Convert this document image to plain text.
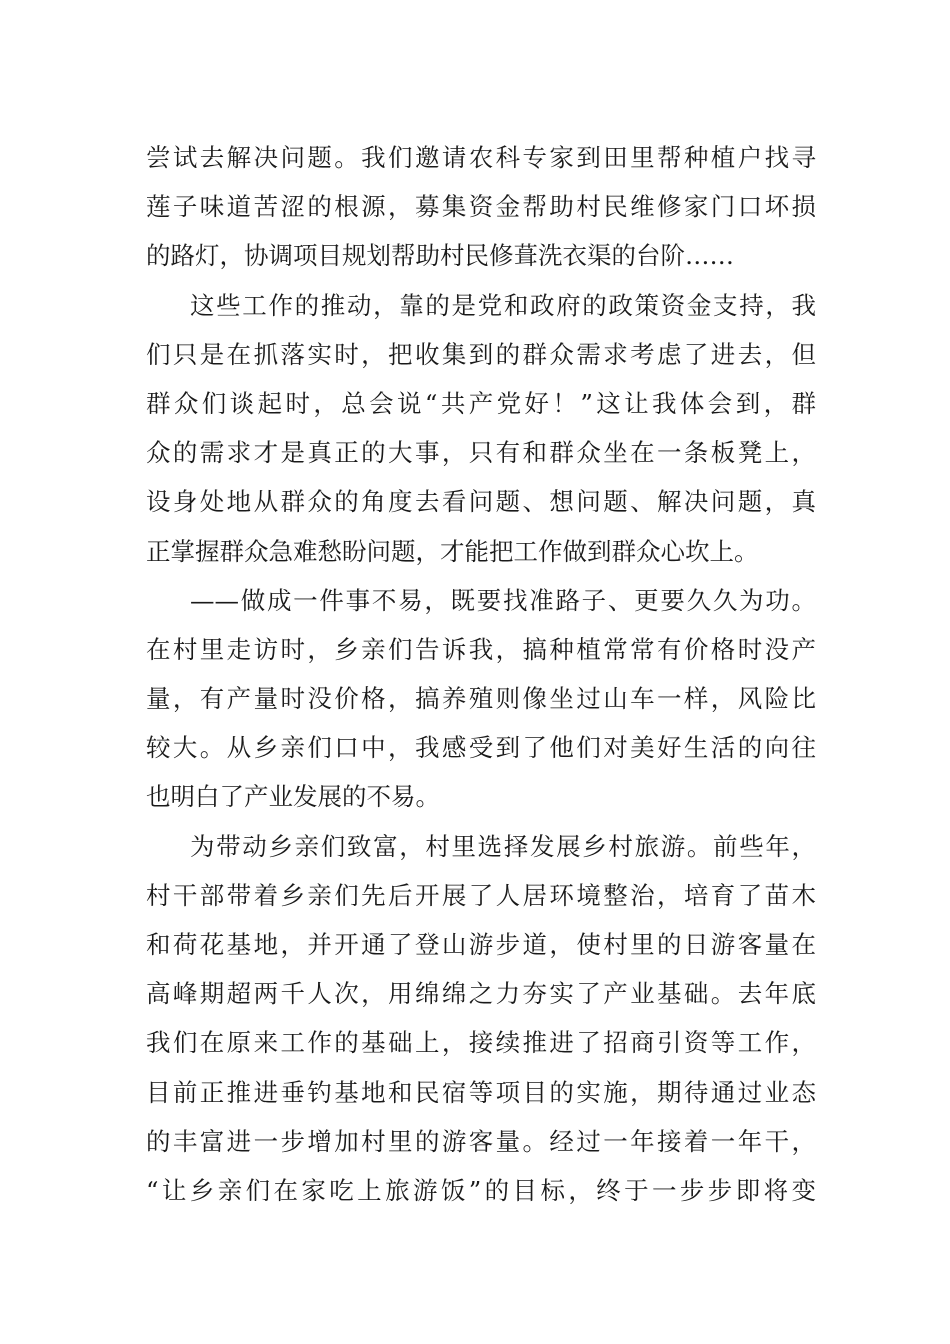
尝试去解决问题。我们邀请农科专家到田里帮种植户找寻
莲子味道苦涩的根源，募集资金帮助村民维修家门口坏损
的路灯，协调项目规划帮助村民修葺洗衣渠的台阶……
这些工作的推动，靠的是党和政府的政策资金支持，我
们只是在抓落实时，把收集到的群众需求考虑了进去，但
群众们谈起时，总会说“共产党好！”这让我体会到，群
众的需求才是真正的大事，只有和群众坐在一条板凳上，
设身处地从群众的角度去看问题、想问题、解决问题，真
正掌握群众急难愁盼问题，才能把工作做到群众心坎上。
——做成一件事不易，既要找准路子、更要久久为功。
在村里走访时，乡亲们告诉我，搞种植常常有价格时没产
量，有产量时没价格，搞养殖则像坐过山车一样，风险比
较大。从乡亲们口中，我感受到了他们对美好生活的向往
也明白了产业发展的不易。
为带动乡亲们致富，村里选择发展乡村旅游。前些年，
村干部带着乡亲们先后开展了人居环境整治，培育了苗木
和荷花基地，并开通了登山游步道，使村里的日游客量在
高峰期超两千人次，用绵绵之力夯实了产业基础。去年底
我们在原来工作的基础上，接续推进了招商引资等工作，
目前正推进垂钓基地和民宿等项目的实施，期待通过业态
的丰富进一步增加村里的游客量。经过一年接着一年干，
“让乡亲们在家吃上旅游饭”的目标，终于一步步即将变
